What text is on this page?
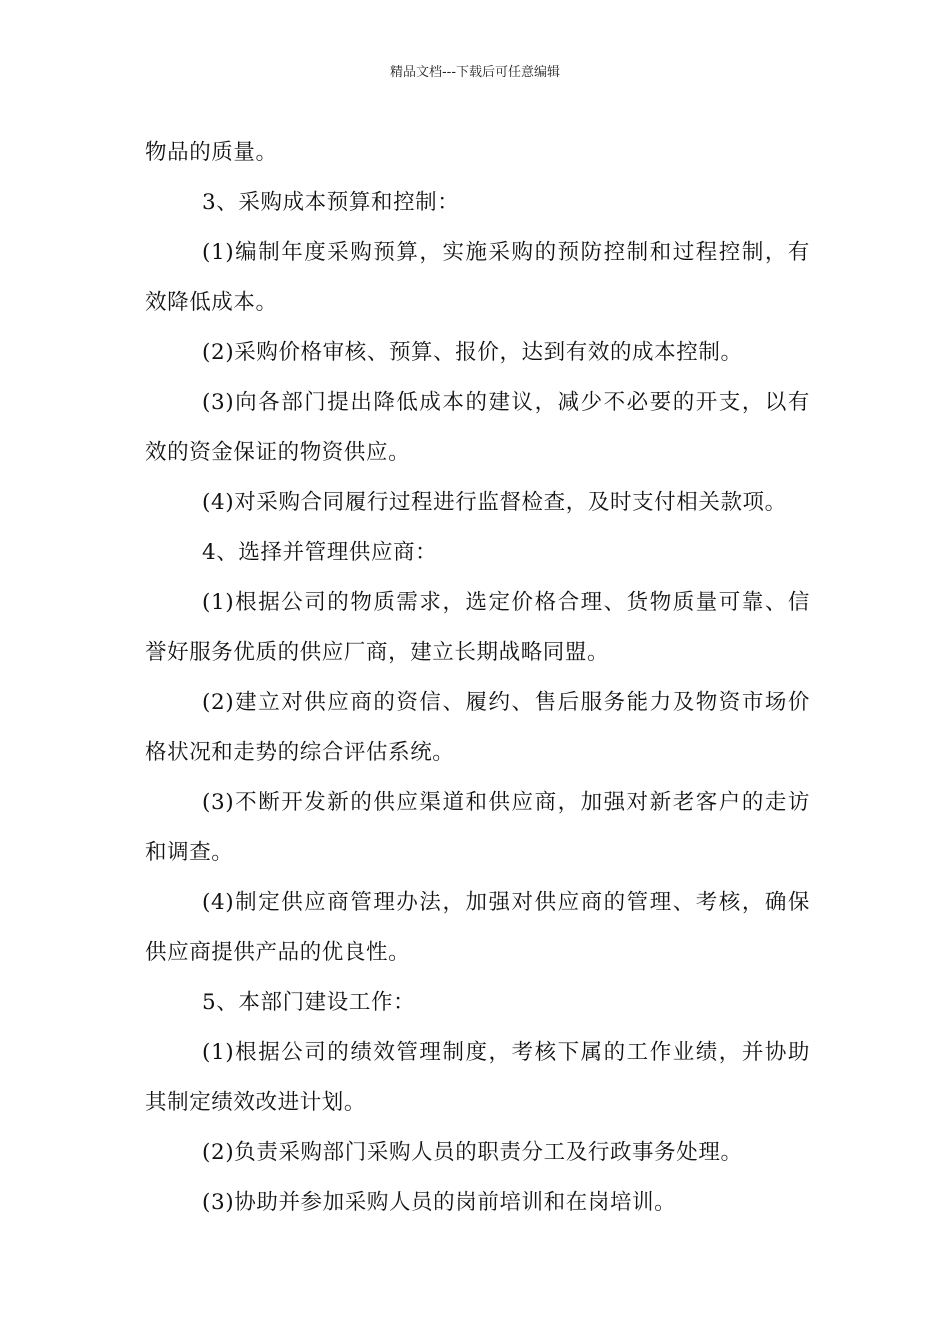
精品文档---下载后可任意编辑
物品的质量。
3、采购成本预算和控制：
(1)编制年度采购预算，实施采购的预防控制和过程控制，有
效降低成本。
(2)采购价格审核、预算、报价，达到有效的成本控制。
(3)向各部门提出降低成本的建议，减少不必要的开支，以有
效的资金保证的物资供应。
(4)对采购合同履行过程进行监督检查，及时支付相关款项。
4、选择并管理供应商：
(1)根据公司的物质需求，选定价格合理、货物质量可靠、信
誉好服务优质的供应厂商，建立长期战略同盟。
(2)建立对供应商的资信、履约、售后服务能力及物资市场价
格状况和走势的综合评估系统。
(3)不断开发新的供应渠道和供应商，加强对新老客户的走访
和调查。
(4)制定供应商管理办法，加强对供应商的管理、考核，确保
供应商提供产品的优良性。
5、本部门建设工作：
(1)根据公司的绩效管理制度，考核下属的工作业绩，并协助
其制定绩效改进计划。
(2)负责采购部门采购人员的职责分工及行政事务处理。
(3)协助并参加采购人员的岗前培训和在岗培训。
